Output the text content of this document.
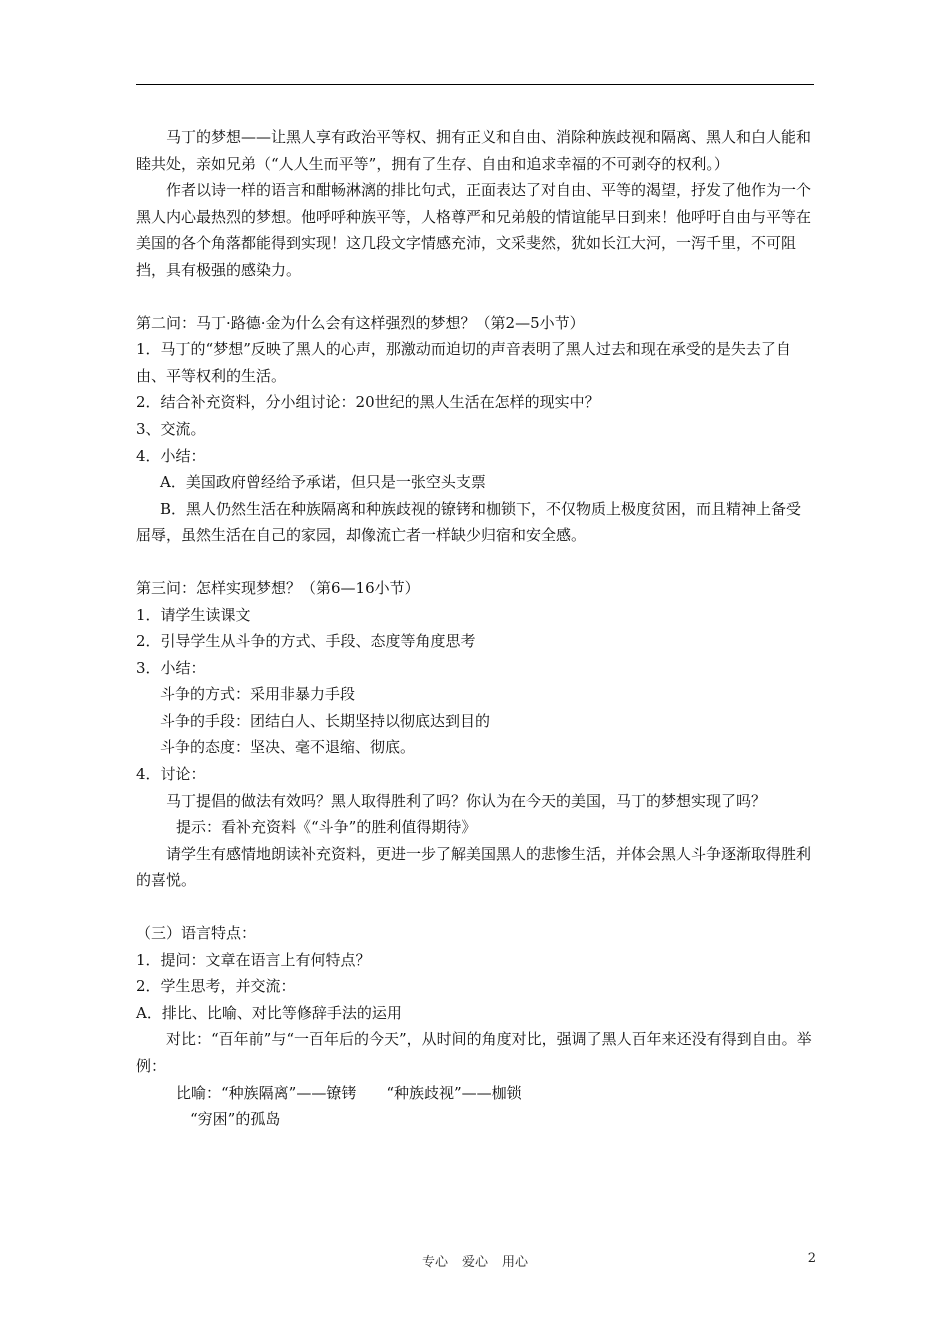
马丁的梦想——让黑人享有政治平等权、拥有正义和自由、消除种族歧视和隔离、黑人和白人能和睦共处，亲如兄弟（“人人生而平等”，拥有了生存、自由和追求幸福的不可剥夺的权利。）

作者以诗一样的语言和酣畅淋漓的排比句式，正面表达了对自由、平等的渴望，抒发了他作为一个黑人内心最热烈的梦想。他呼呼种族平等，人格尊严和兄弟般的情谊能早日到来！他呼吁自由与平等在美国的各个角落都能得到实现！这几段文字情感充沛，文采斐然，犹如长江大河，一泻千里，不可阻挡，具有极强的感染力。

第二问：马丁·路德·金为什么会有这样强烈的梦想？（第2—5小节）

1．马丁的“梦想”反映了黑人的心声，那激动而迫切的声音表明了黑人过去和现在承受的是失去了自由、平等权利的生活。

2．结合补充资料，分小组讨论：20世纪的黑人生活在怎样的现实中？

3、交流。

4．小结：

A．美国政府曾经给予承诺，但只是一张空头支票

B．黑人仍然生活在种族隔离和种族歧视的镣铐和枷锁下，不仅物质上极度贫困，而且精神上备受屈辱，虽然生活在自己的家园，却像流亡者一样缺少归宿和安全感。

第三问：怎样实现梦想？（第6—16小节）

1．请学生读课文

2．引导学生从斗争的方式、手段、态度等角度思考

3．小结：

斗争的方式：采用非暴力手段

斗争的手段：团结白人、长期坚持以彻底达到目的

斗争的态度：坚决、毫不退缩、彻底。

4．讨论：

马丁提倡的做法有效吗？黑人取得胜利了吗？你认为在今天的美国，马丁的梦想实现了吗？

提示：看补充资料《“斗争”的胜利值得期待》

请学生有感情地朗读补充资料，更进一步了解美国黑人的悲惨生活，并体会黑人斗争逐渐取得胜利的喜悦。

（三）语言特点：

1．提问：文章在语言上有何特点？

2．学生思考，并交流：

A．排比、比喻、对比等修辞手法的运用

对比：“百年前”与“一百年后的今天”，从时间的角度对比，强调了黑人百年来还没有得到自由。举例：

比喻：“种族隔离”——镣铐　　“种族歧视”——枷锁

“穷困”的孤岛

专心 爱心 用心	2
